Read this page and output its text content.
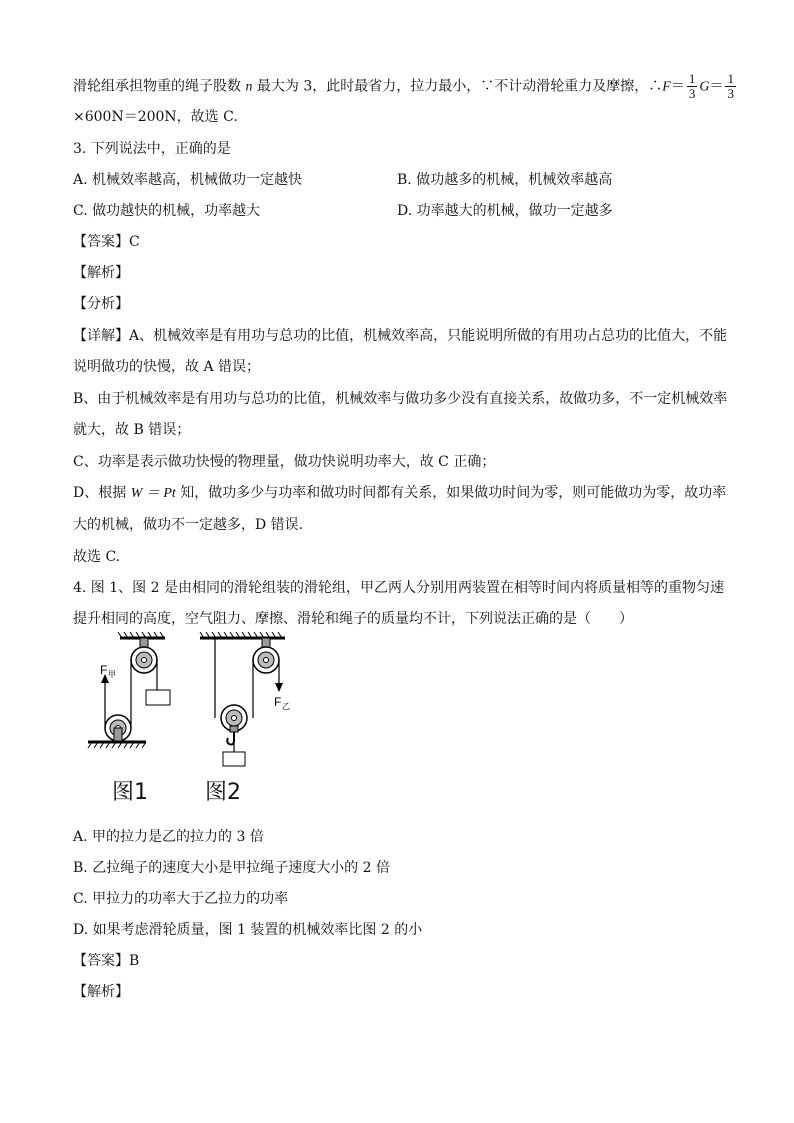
滑轮组承担物重的绳子股数 n 最大为 3，此时最省力，拉力最小，∵不计动滑轮重力及摩擦，∴F＝ $\frac{1}{3} G= \frac{1}{3}$
×600N＝200N，故选 C.
3. 下列说法中，正确的是
A. 机械效率越高，机械做功一定越快	B. 做功越多的机械，机械效率越高
C. 做功越快的机械，功率越大	D. 功率越大的机械，做功一定越多
【答案】C
【解析】
【分析】
【详解】A、机械效率是有用功与总功的比值，机械效率高，只能说明所做的有用功占总功的比值大，不能
说明做功的快慢，故 A 错误；
B、由于机械效率是有用功与总功的比值，机械效率与做功多少没有直接关系，故做功多，不一定机械效率
就大，故 B 错误；
C、功率是表示做功快慢的物理量，做功快说明功率大，故 C 正确；
D、根据 W ＝ Pt 知，做功多少与功率和做功时间都有关系，如果做功时间为零，则可能做功为零，故功率
大的机械，做功不一定越多，D 错误.
故选 C.
4. 图 1、图 2 是由相同的滑轮组装的滑轮组，甲乙两人分别用两装置在相等时间内将质量相等的重物匀速
提升相同的高度，空气阻力、摩擦、滑轮和绳子的质量均不计，下列说法正确的是（　　）
F 甲
F 乙
图1	图2
A. 甲的拉力是乙的拉力的 3 倍
B. 乙拉绳子的速度大小是甲拉绳子速度大小的 2 倍
C. 甲拉力的功率大于乙拉力的功率
D. 如果考虑滑轮质量，图 1 装置的机械效率比图 2 的小
【答案】B
【解析】
